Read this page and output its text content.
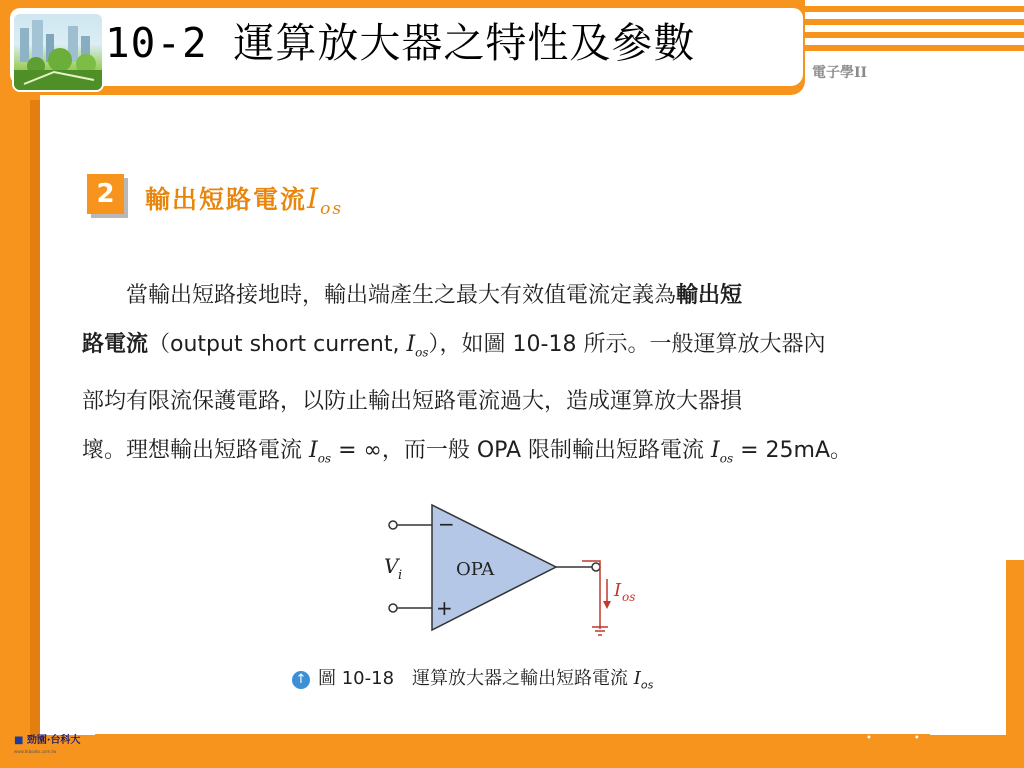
10-2 運算放大器之特性及參數
電子學II
2	輸出短路電流$I_{os}$
　　當輸出短路接地時，輸出端產生之最大有效值電流定義為輸出短
路電流（output short current, $I_{os}$），如圖 10-18 所示。一般運算放大器內
部均有限流保護電路，以防止輸出短路電流過大，造成運算放大器損
壞。理想輸出短路電流 $I_{os}$ = ∞，而一般 OPA 限制輸出短路電流 $I_{os} = 25mA$。
−
+
OPA
V i
I os
↑ 圖 10-18　運算放大器之輸出短路電流 $I_{os}$
••
■ 勁園‧台科大
www.tkbooks.com.tw
